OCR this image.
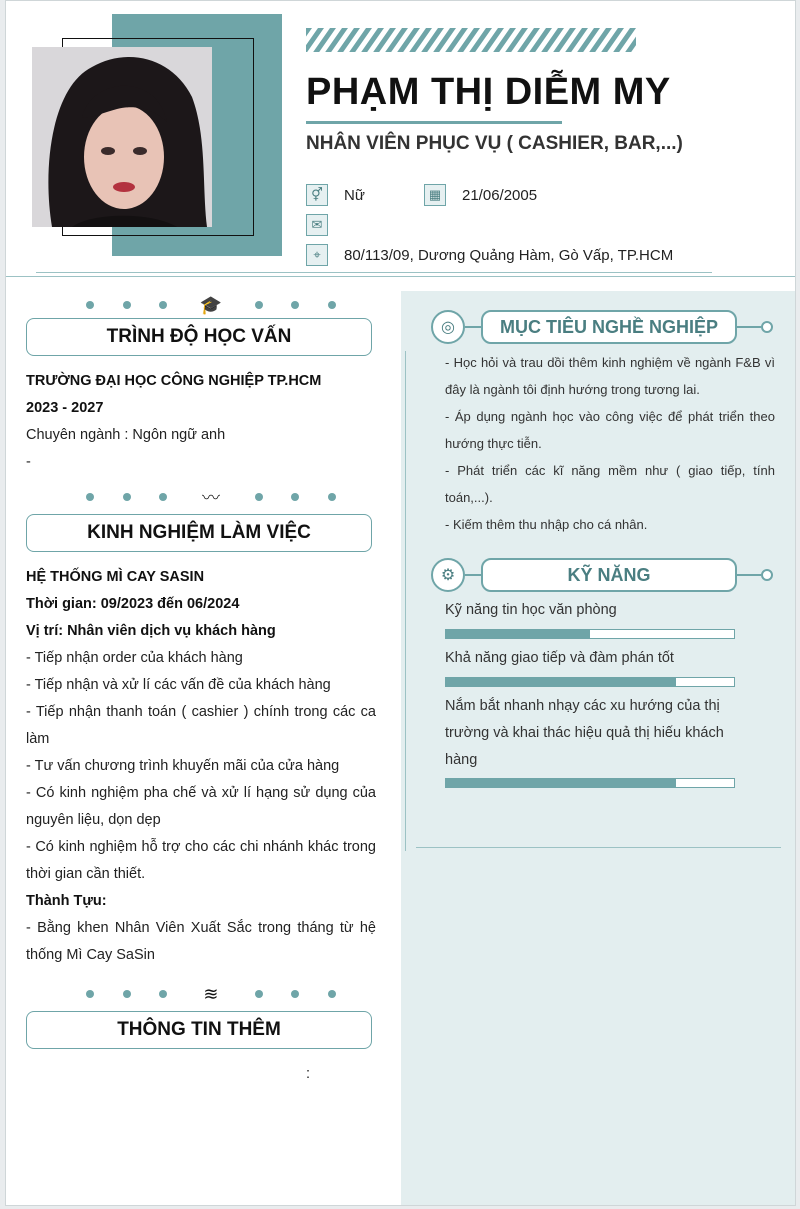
PHẠM THỊ DIỄM MY
NHÂN VIÊN PHỤC VỤ ( CASHIER, BAR,...)
⚥	Nữ	▦	21/06/2005
✉
⌖	80/113/09, Dương Quảng Hàm, Gò Vấp, TP.HCM
◎	MỤC TIÊU NGHỀ NGHIỆP
- Học hỏi và trau dồi thêm kinh nghiệm về ngành F&B vì đây là ngành tôi định hướng trong tương lai.
- Áp dụng ngành học vào công việc để phát triển theo hướng thực tiễn.
- Phát triển các kĩ năng mềm như ( giao tiếp, tính toán,...).
- Kiếm thêm thu nhập cho cá nhân.
⚙	KỸ NĂNG
Kỹ năng tin học văn phòng
Khả năng giao tiếp và đàm phán tốt
Nắm bắt nhanh nhạy các xu hướng của thị trường và khai thác hiệu quả thị hiếu khách hàng
🎓
TRÌNH ĐỘ HỌC VẤN
TRƯỜNG ĐẠI HỌC CÔNG NGHIỆP TP.HCM
2023 - 2027
Chuyên ngành : Ngôn ngữ anh
-
〰
KINH NGHIỆM LÀM VIỆC
HỆ THỐNG MÌ CAY SASIN
Thời gian: 09/2023 đến 06/2024
Vị trí: Nhân viên dịch vụ khách hàng
- Tiếp nhận order của khách hàng
- Tiếp nhận và xử lí các vấn đề của khách hàng
- Tiếp nhận thanh toán ( cashier ) chính trong các ca làm
- Tư vấn chương trình khuyến mãi của cửa hàng
- Có kinh nghiệm pha chế và xử lí hạng sử dụng của nguyên liệu, dọn dẹp
- Có kinh nghiệm hỗ trợ cho các chi nhánh khác trong thời gian cần thiết.
Thành Tựu:
- Bằng khen Nhân Viên Xuất Sắc trong tháng từ hệ thống Mì Cay SaSin
≋
THÔNG TIN THÊM
:
